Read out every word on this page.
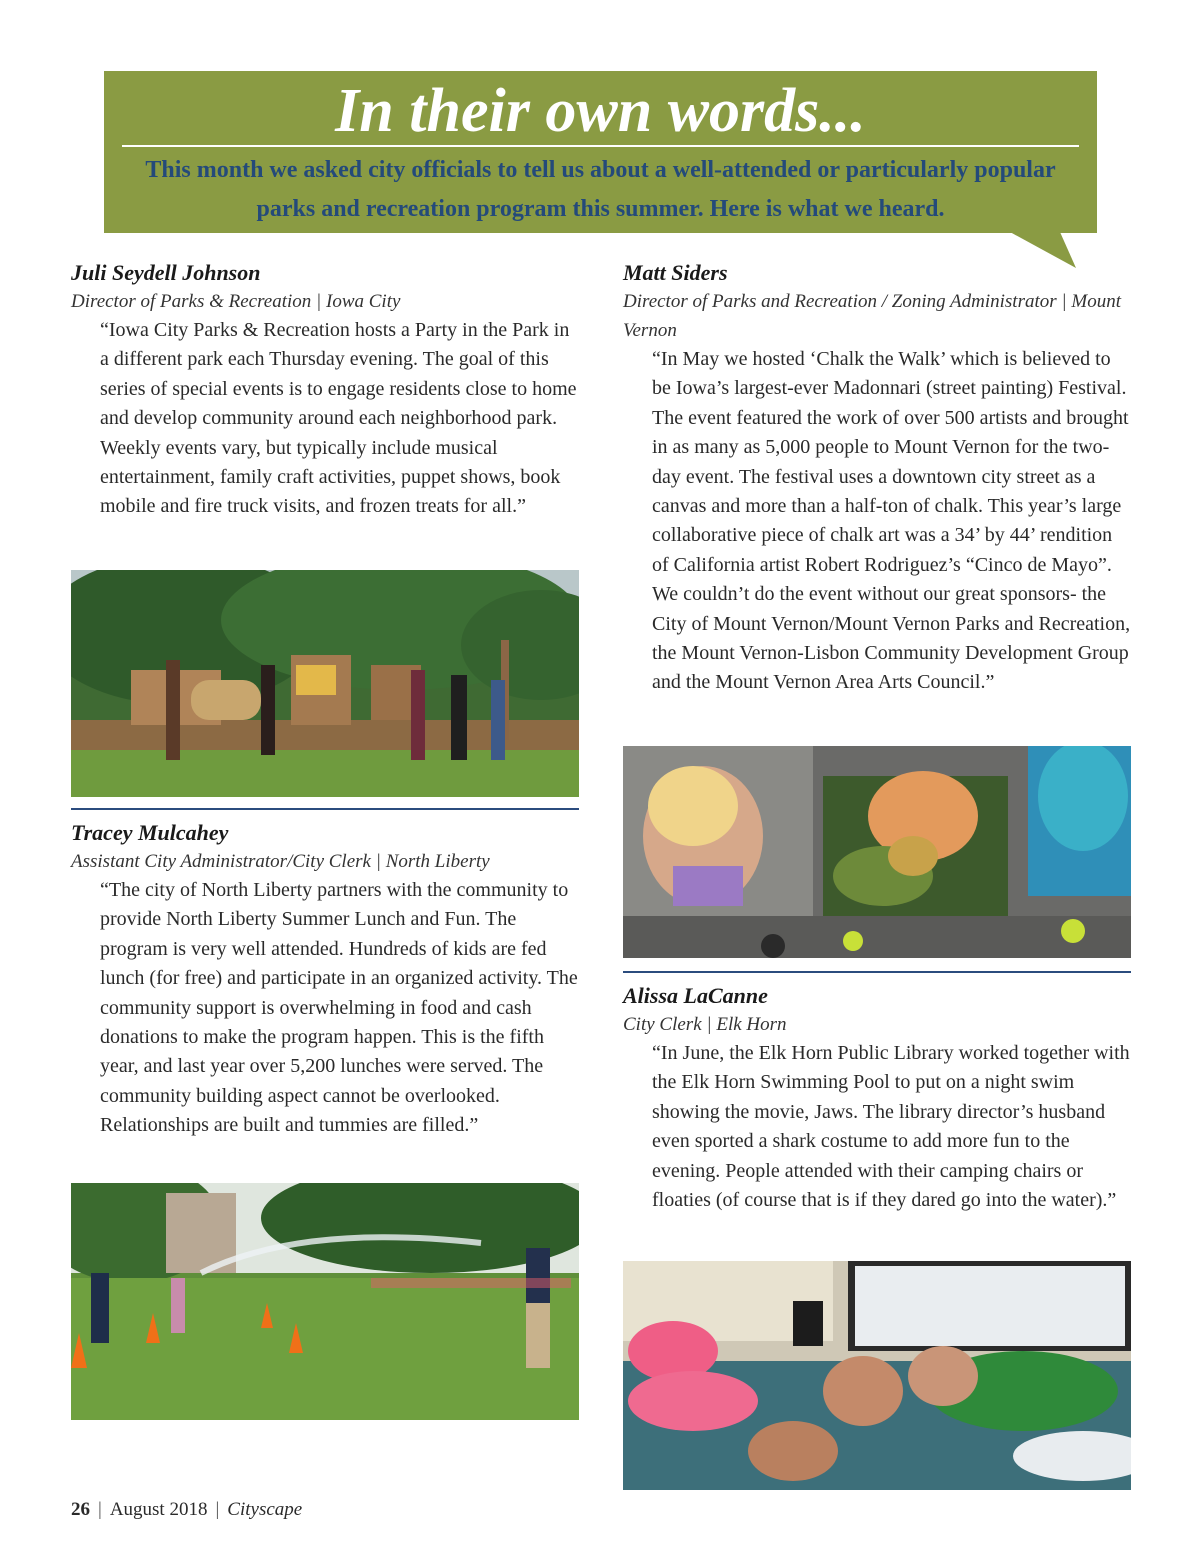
In their own words...
This month we asked city officials to tell us about a well-attended or particularly popular parks and recreation program this summer. Here is what we heard.
Juli Seydell Johnson
Director of Parks & Recreation | Iowa City

“Iowa City Parks & Recreation hosts a Party in the Park in a different park each Thursday evening. The goal of this series of special events is to engage residents close to home and develop community around each neighborhood park. Weekly events vary, but typically include musical entertainment, family craft activities, puppet shows, book mobile and fire truck visits, and frozen treats for all.”

Tracey Mulcahey
Assistant City Administrator/City Clerk | North Liberty

“The city of North Liberty partners with the community to provide North Liberty Summer Lunch and Fun. The program is very well attended. Hundreds of kids are fed lunch (for free) and participate in an organized activity. The community support is overwhelming in food and cash donations to make the program happen. This is the fifth year, and last year over 5,200 lunches were served. The community building aspect cannot be overlooked. Relationships are built and tummies are filled.”

Matt Siders
Director of Parks and Recreation / Zoning Administrator | Mount Vernon

“In May we hosted ‘Chalk the Walk’ which is believed to be Iowa’s largest-ever Madonnari (street painting) Festival. The event featured the work of over 500 artists and brought in as many as 5,000 people to Mount Vernon for the two-day event. The festival uses a downtown city street as a canvas and more than a half-ton of chalk. This year’s large collaborative piece of chalk art was a 34’ by 44’ rendition of California artist Robert Rodriguez’s “Cinco de Mayo”. We couldn’t do the event without our great sponsors- the City of Mount Vernon/Mount Vernon Parks and Recreation, the Mount Vernon-Lisbon Community Development Group and the Mount Vernon Area Arts Council.”

Alissa LaCanne
City Clerk | Elk Horn

“In June, the Elk Horn Public Library worked together with the Elk Horn Swimming Pool to put on a night swim showing the movie, Jaws. The library director’s husband even sported a shark costume to add more fun to the evening. People attended with their camping chairs or floaties (of course that is if they dared go into the water).”

26 | August 2018 | Cityscape
